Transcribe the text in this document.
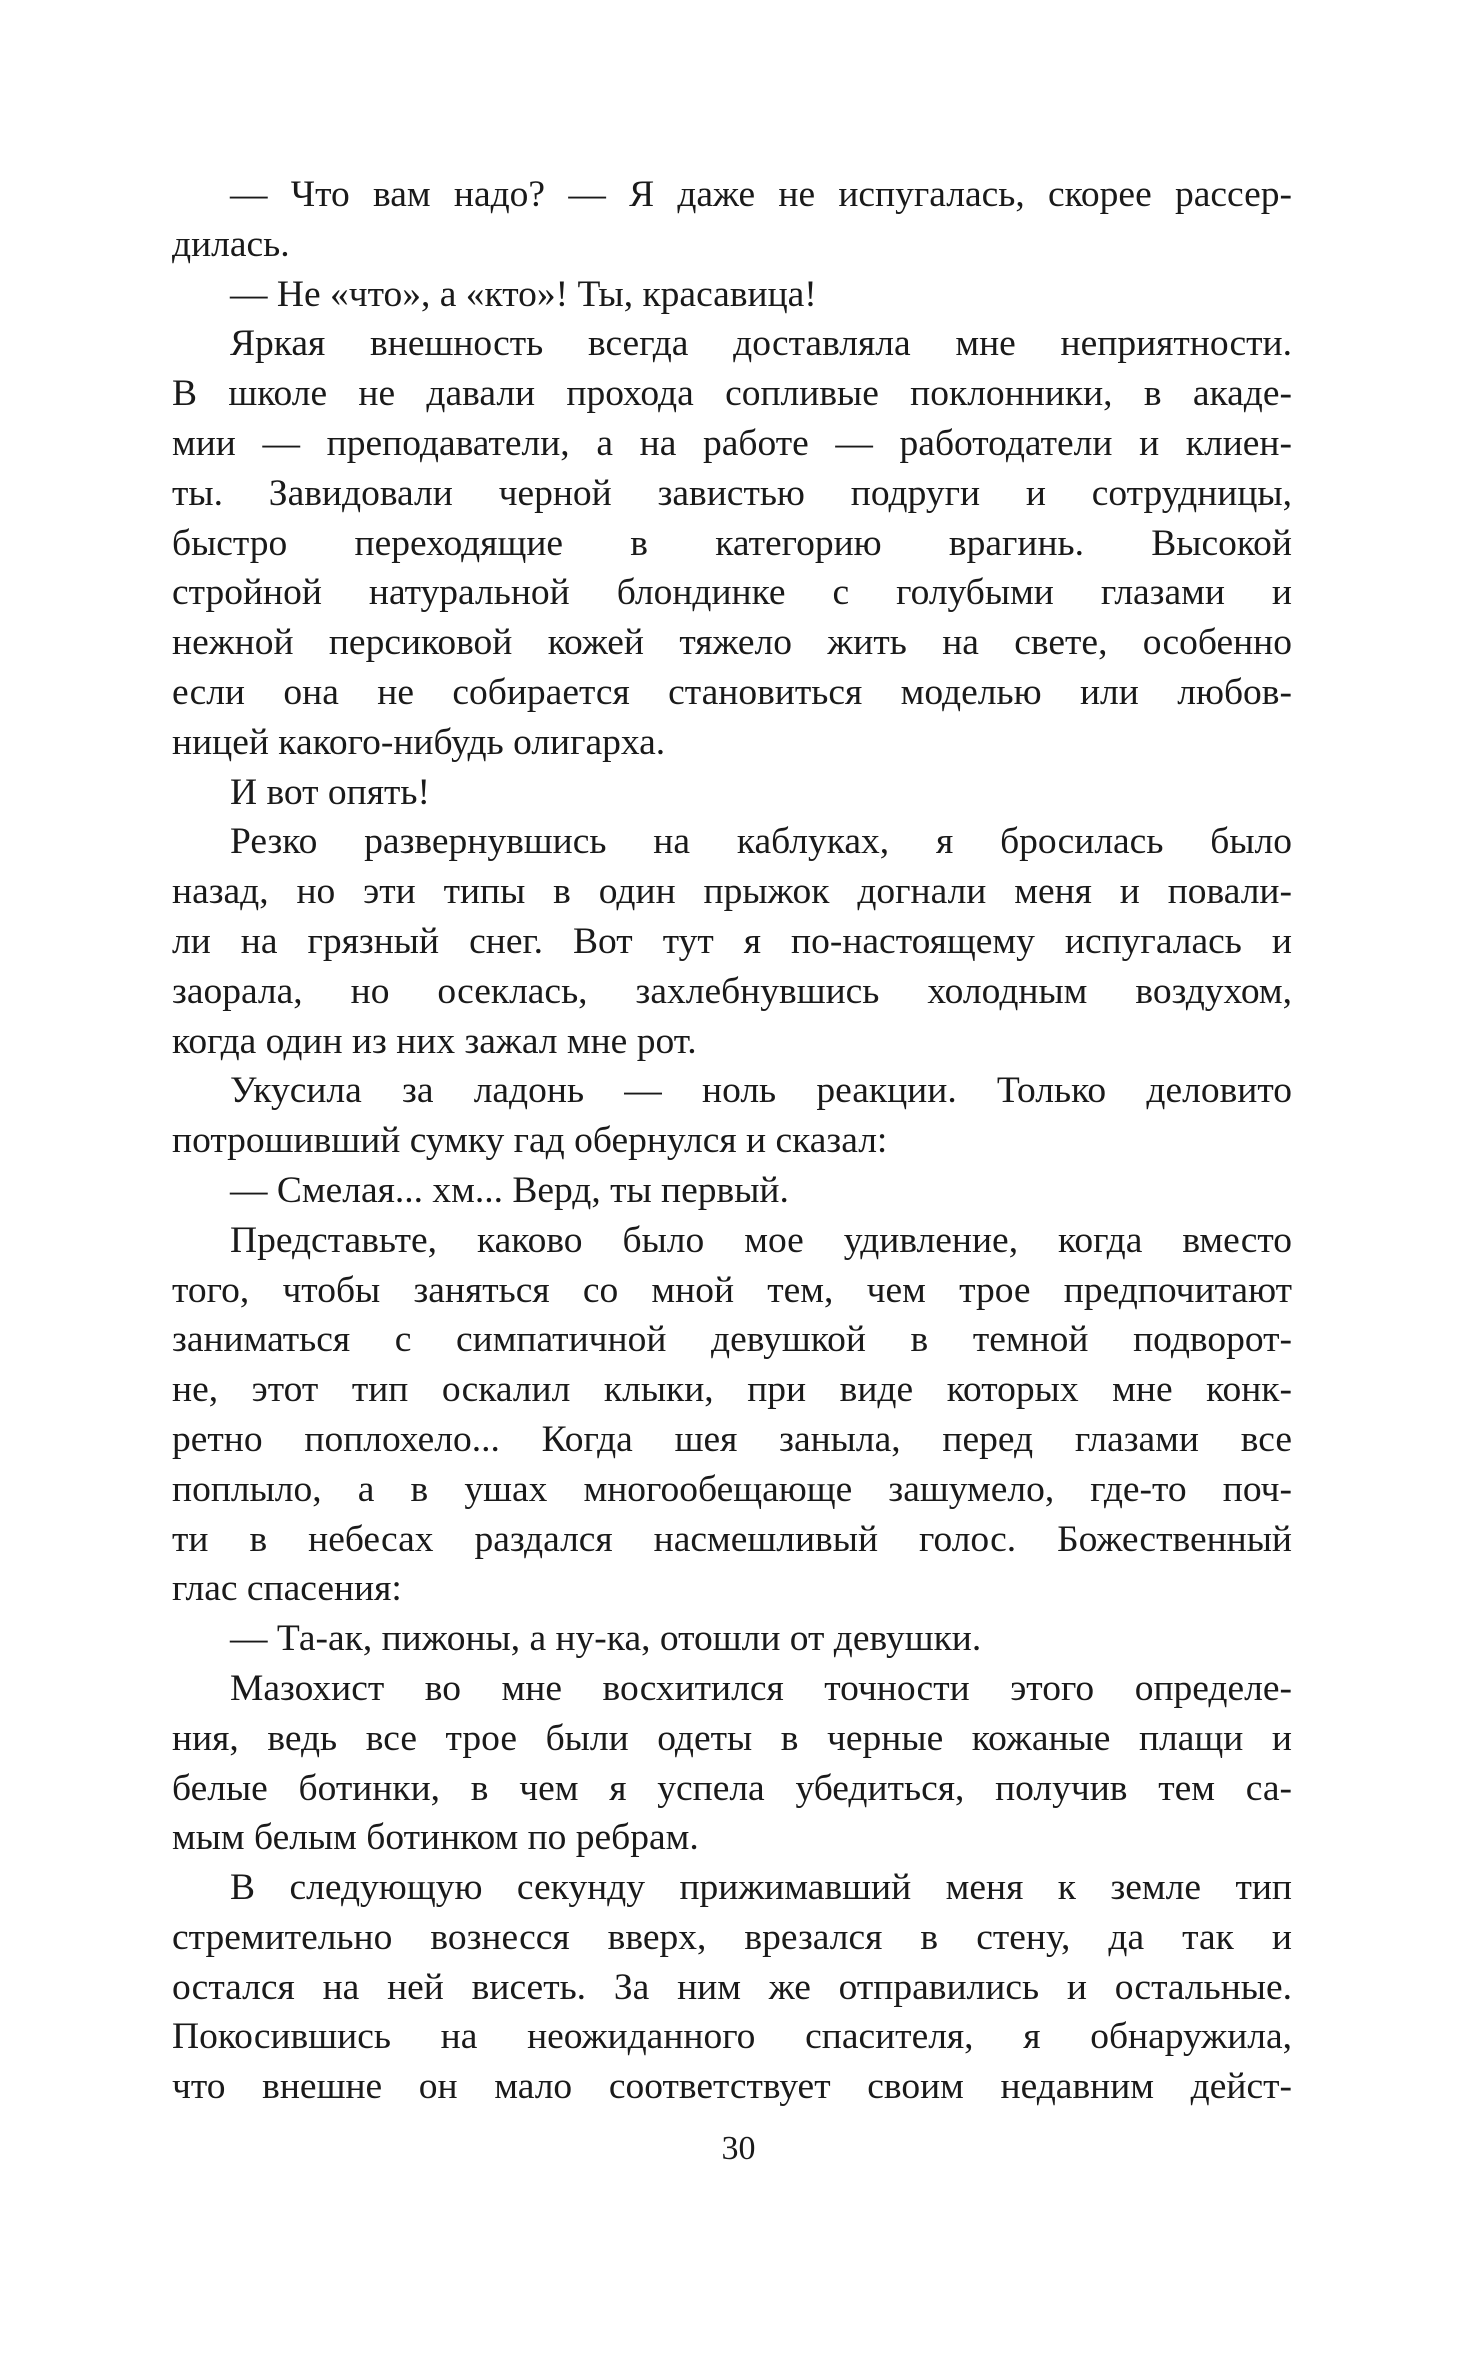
— Что вам надо? — Я даже не испугалась, скорее рассер-
дилась.
— Не «что», а «кто»! Ты, красавица!
Яркая внешность всегда доставляла мне неприятности.
В школе не давали прохода сопливые поклонники, в акаде-
мии — преподаватели, а на работе — работодатели и клиен-
ты. Завидовали черной завистью подруги и сотрудницы,
быстро переходящие в категорию врагинь. Высокой
стройной натуральной блондинке с голубыми глазами и
нежной персиковой кожей тяжело жить на свете, особенно
если она не собирается становиться моделью или любов-
ницей какого-нибудь олигарха.
И вот опять!
Резко развернувшись на каблуках, я бросилась было
назад, но эти типы в один прыжок догнали меня и повали-
ли на грязный снег. Вот тут я по-настоящему испугалась и
заорала, но осеклась, захлебнувшись холодным воздухом,
когда один из них зажал мне рот.
Укусила за ладонь — ноль реакции. Только деловито
потрошивший сумку гад обернулся и сказал:
— Смелая... хм... Верд, ты первый.
Представьте, каково было мое удивление, когда вместо
того, чтобы заняться со мной тем, чем трое предпочитают
заниматься с симпатичной девушкой в темной подворот-
не, этот тип оскалил клыки, при виде которых мне конк-
ретно поплохело... Когда шея заныла, перед глазами все
поплыло, а в ушах многообещающе зашумело, где-то поч-
ти в небесах раздался насмешливый голос. Божественный
глас спасения:
— Та-ак, пижоны, а ну-ка, отошли от девушки.
Мазохист во мне восхитился точности этого определе-
ния, ведь все трое были одеты в черные кожаные плащи и
белые ботинки, в чем я успела убедиться, получив тем са-
мым белым ботинком по ребрам.
В следующую секунду прижимавший меня к земле тип
стремительно вознесся вверх, врезался в стену, да так и
остался на ней висеть. За ним же отправились и остальные.
Покосившись на неожиданного спасителя, я обнаружила,
что внешне он мало соответствует своим недавним дейст-
30
